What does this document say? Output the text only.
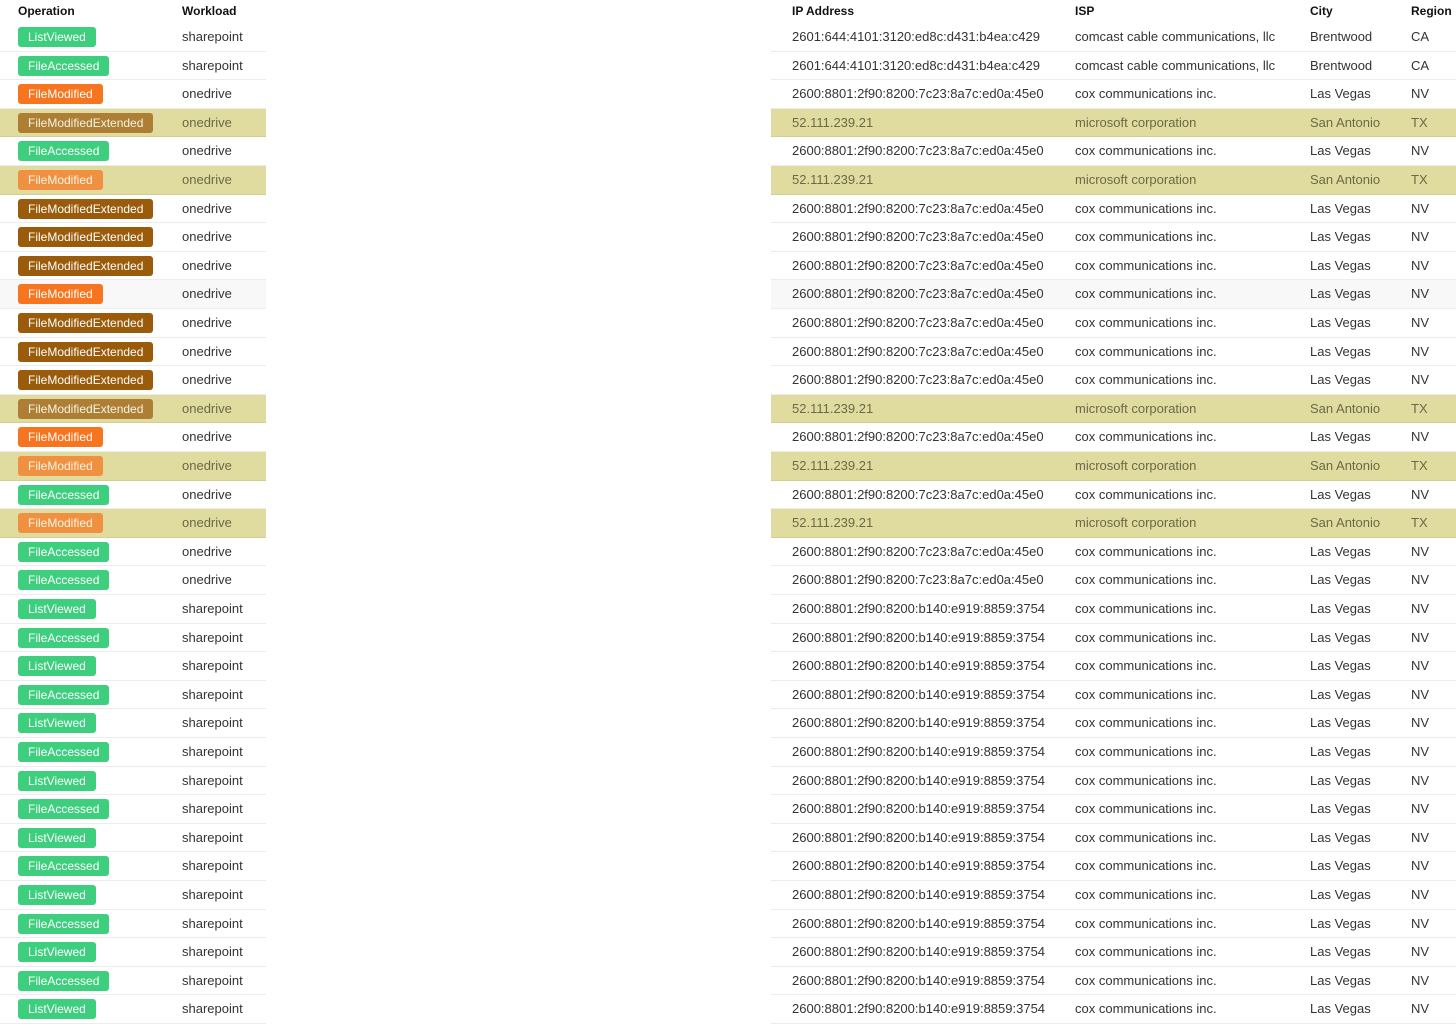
Operation	Workload	IP Address	ISP	City	Region
ListViewed	sharepoint	2601:644:4101:3120:ed8c:d431:b4ea:c429	comcast cable communications, llc	Brentwood	CA
FileAccessed	sharepoint	2601:644:4101:3120:ed8c:d431:b4ea:c429	comcast cable communications, llc	Brentwood	CA
FileModified	onedrive	2600:8801:2f90:8200:7c23:8a7c:ed0a:45e0 cox communications inc.	Las Vegas	NV
FileModifiedExtended	onedrive	52.111.239.21	microsoft corporation	San Antonio TX
FileAccessed	onedrive	2600:8801:2f90:8200:7c23:8a7c:ed0a:45e0 cox communications inc.	Las Vegas	NV
FileModified	onedrive	52.111.239.21	microsoft corporation	San Antonio TX
FileModifiedExtended	onedrive	2600:8801:2f90:8200:7c23:8a7c:ed0a:45e0 cox communications inc.	Las Vegas	NV
FileModifiedExtended	onedrive	2600:8801:2f90:8200:7c23:8a7c:ed0a:45e0 cox communications inc.	Las Vegas	NV
FileModifiedExtended	onedrive	2600:8801:2f90:8200:7c23:8a7c:ed0a:45e0 cox communications inc.	Las Vegas	NV
FileModified	onedrive	2600:8801:2f90:8200:7c23:8a7c:ed0a:45e0 cox communications inc.	Las Vegas	NV
FileModifiedExtended	onedrive	2600:8801:2f90:8200:7c23:8a7c:ed0a:45e0 cox communications inc.	Las Vegas	NV
FileModifiedExtended	onedrive	2600:8801:2f90:8200:7c23:8a7c:ed0a:45e0 cox communications inc.	Las Vegas	NV
FileModifiedExtended	onedrive	2600:8801:2f90:8200:7c23:8a7c:ed0a:45e0 cox communications inc.	Las Vegas	NV
FileModifiedExtended	onedrive	52.111.239.21	microsoft corporation	San Antonio TX
FileModified	onedrive	2600:8801:2f90:8200:7c23:8a7c:ed0a:45e0 cox communications inc.	Las Vegas	NV
FileModified	onedrive	52.111.239.21	microsoft corporation	San Antonio TX
FileAccessed	onedrive	2600:8801:2f90:8200:7c23:8a7c:ed0a:45e0 cox communications inc.	Las Vegas	NV
FileModified	onedrive	52.111.239.21	microsoft corporation	San Antonio TX
FileAccessed	onedrive	2600:8801:2f90:8200:7c23:8a7c:ed0a:45e0 cox communications inc.	Las Vegas	NV
FileAccessed	onedrive	2600:8801:2f90:8200:7c23:8a7c:ed0a:45e0 cox communications inc.	Las Vegas	NV
ListViewed	sharepoint	2600:8801:2f90:8200:b140:e919:8859:3754 cox communications inc.	Las Vegas	NV
FileAccessed	sharepoint	2600:8801:2f90:8200:b140:e919:8859:3754 cox communications inc.	Las Vegas	NV
ListViewed	sharepoint	2600:8801:2f90:8200:b140:e919:8859:3754 cox communications inc.	Las Vegas	NV
FileAccessed	sharepoint	2600:8801:2f90:8200:b140:e919:8859:3754 cox communications inc.	Las Vegas	NV
ListViewed	sharepoint	2600:8801:2f90:8200:b140:e919:8859:3754 cox communications inc.	Las Vegas	NV
FileAccessed	sharepoint	2600:8801:2f90:8200:b140:e919:8859:3754 cox communications inc.	Las Vegas	NV
ListViewed	sharepoint	2600:8801:2f90:8200:b140:e919:8859:3754 cox communications inc.	Las Vegas	NV
FileAccessed	sharepoint	2600:8801:2f90:8200:b140:e919:8859:3754 cox communications inc.	Las Vegas	NV
ListViewed	sharepoint	2600:8801:2f90:8200:b140:e919:8859:3754 cox communications inc.	Las Vegas	NV
FileAccessed	sharepoint	2600:8801:2f90:8200:b140:e919:8859:3754 cox communications inc.	Las Vegas	NV
ListViewed	sharepoint	2600:8801:2f90:8200:b140:e919:8859:3754 cox communications inc.	Las Vegas	NV
FileAccessed	sharepoint	2600:8801:2f90:8200:b140:e919:8859:3754 cox communications inc.	Las Vegas	NV
ListViewed	sharepoint	2600:8801:2f90:8200:b140:e919:8859:3754 cox communications inc.	Las Vegas	NV
FileAccessed	sharepoint	2600:8801:2f90:8200:b140:e919:8859:3754 cox communications inc.	Las Vegas	NV
ListViewed	sharepoint	2600:8801:2f90:8200:b140:e919:8859:3754 cox communications inc.	Las Vegas	NV
